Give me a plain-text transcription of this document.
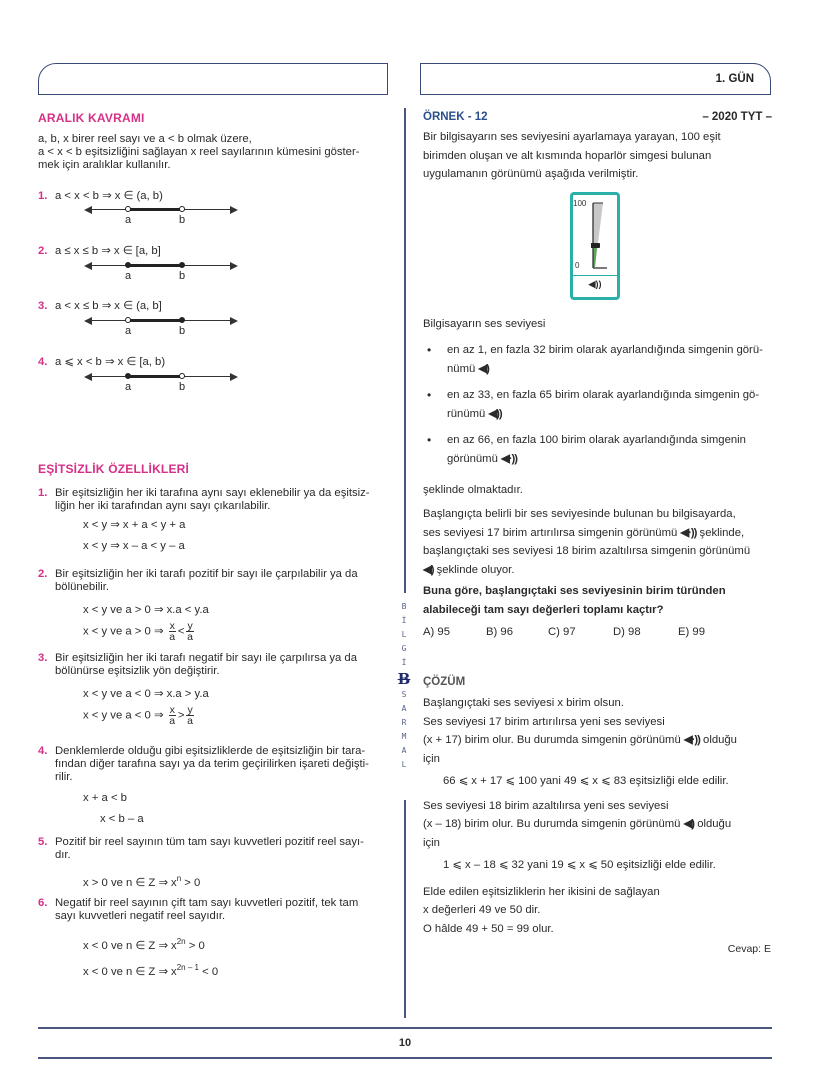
1. GÜN
B
İ
L
G
İ
B
S
A
R
M
A
L
ARALIK KAVRAMI
a, b, x birer reel sayı ve a < b olmak üzere,
a < x < b eşitsizliğini sağlayan x reel sayılarının kümesini göster-
mek için aralıklar kullanılır.
1. a < x < b ⇒ x ∈ (a, b)
a	b
2. a ≤ x ≤ b ⇒ x ∈ [a, b]
a	b
3. a < x ≤ b ⇒ x ∈ (a, b]
a	b
4. a ⩽ x < b ⇒ x ∈ [a, b)
a	b
EŞİTSİZLİK ÖZELLİKLERİ
1. Bir eşitsizliğin her iki tarafına aynı sayı eklenebilir ya da eşitsiz-
liğin her iki tarafından aynı sayı çıkarılabilir.
x < y ⇒ x + a < y + a
x < y ⇒ x – a < y – a
2. Bir eşitsizliğin her iki tarafı pozitif bir sayı ile çarpılabilir ya da
bölünebilir.
x < y ve a > 0 ⇒ x.a < y.a
x < y ve a > 0 ⇒ $\frac{x}{a} < \frac{y}{a}$
3. Bir eşitsizliğin her iki tarafı negatif bir sayı ile çarpılırsa ya da
bölünürse eşitsizlik yön değiştirir.
x < y ve a < 0 ⇒ x.a > y.a
x < y ve a < 0 ⇒ $\frac{x}{a} > \frac{y}{a}$
4. Denklemlerde olduğu gibi eşitsizliklerde de eşitsizliğin bir tara-
fından diğer tarafına sayı ya da terim geçirilirken işareti değişti-
rilir.
x + a < b
x < b – a
5. Pozitif bir reel sayının tüm tam sayı kuvvetleri pozitif reel sayı-
dır.
x > 0 ve n ∈ Z ⇒ $x^n > 0$
6. Negatif bir reel sayının çift tam sayı kuvvetleri pozitif, tek tam
sayı kuvvetleri negatif reel sayıdır.
x < 0 ve n ∈ Z ⇒ $x^{2n} > 0$
x < 0 ve n ∈ Z ⇒ $x^{2n - 1} < 0$
ÖRNEK - 12	– 2020 TYT –
Bir bilgisayarın ses seviyesini ayarlamaya yarayan, 100 eşit
birimden oluşan ve alt kısmında hoparlör simgesi bulunan
uygulamanın görünümü aşağıda verilmiştir.
100
0
◀))
Bilgisayarın ses seviyesi
• en az 1, en fazla 32 birim olarak ayarlandığında simgenin görü-
nümü ◀)
• en az 33, en fazla 65 birim olarak ayarlandığında simgenin gö-
rünümü ◀))
• en az 66, en fazla 100 birim olarak ayarlandığında simgenin
görünümü ◀·))
şeklinde olmaktadır.
Başlangıçta belirli bir ses seviyesinde bulunan bu bilgisayarda,
ses seviyesi 17 birim artırılırsa simgenin görünümü ◀·)) şeklinde,
başlangıçtaki ses seviyesi 18 birim azaltılırsa simgenin görünümü
◀) şeklinde oluyor.
Buna göre, başlangıçtaki ses seviyesinin birim türünden
alabileceği tam sayı değerleri toplamı kaçtır?
A) 95	B) 96	C) 97	D) 98	E) 99
ÇÖZÜM
Başlangıçtaki ses seviyesi x birim olsun.
Ses seviyesi 17 birim artırılırsa yeni ses seviyesi
(x + 17) birim olur. Bu durumda simgenin görünümü ◀·)) olduğu
için
66 ⩽ x + 17 ⩽ 100 yani 49 ⩽ x ⩽ 83 eşitsizliği elde edilir.
Ses seviyesi 18 birim azaltılırsa yeni ses seviyesi
(x – 18) birim olur. Bu durumda simgenin görünümü ◀) olduğu
için
1 ⩽ x – 18 ⩽ 32 yani 19 ⩽ x ⩽ 50 eşitsizliği elde edilir.
Elde edilen eşitsizliklerin her ikisini de sağlayan
x değerleri 49 ve 50 dir.
O hâlde 49 + 50 = 99 olur.
Cevap: E
10
